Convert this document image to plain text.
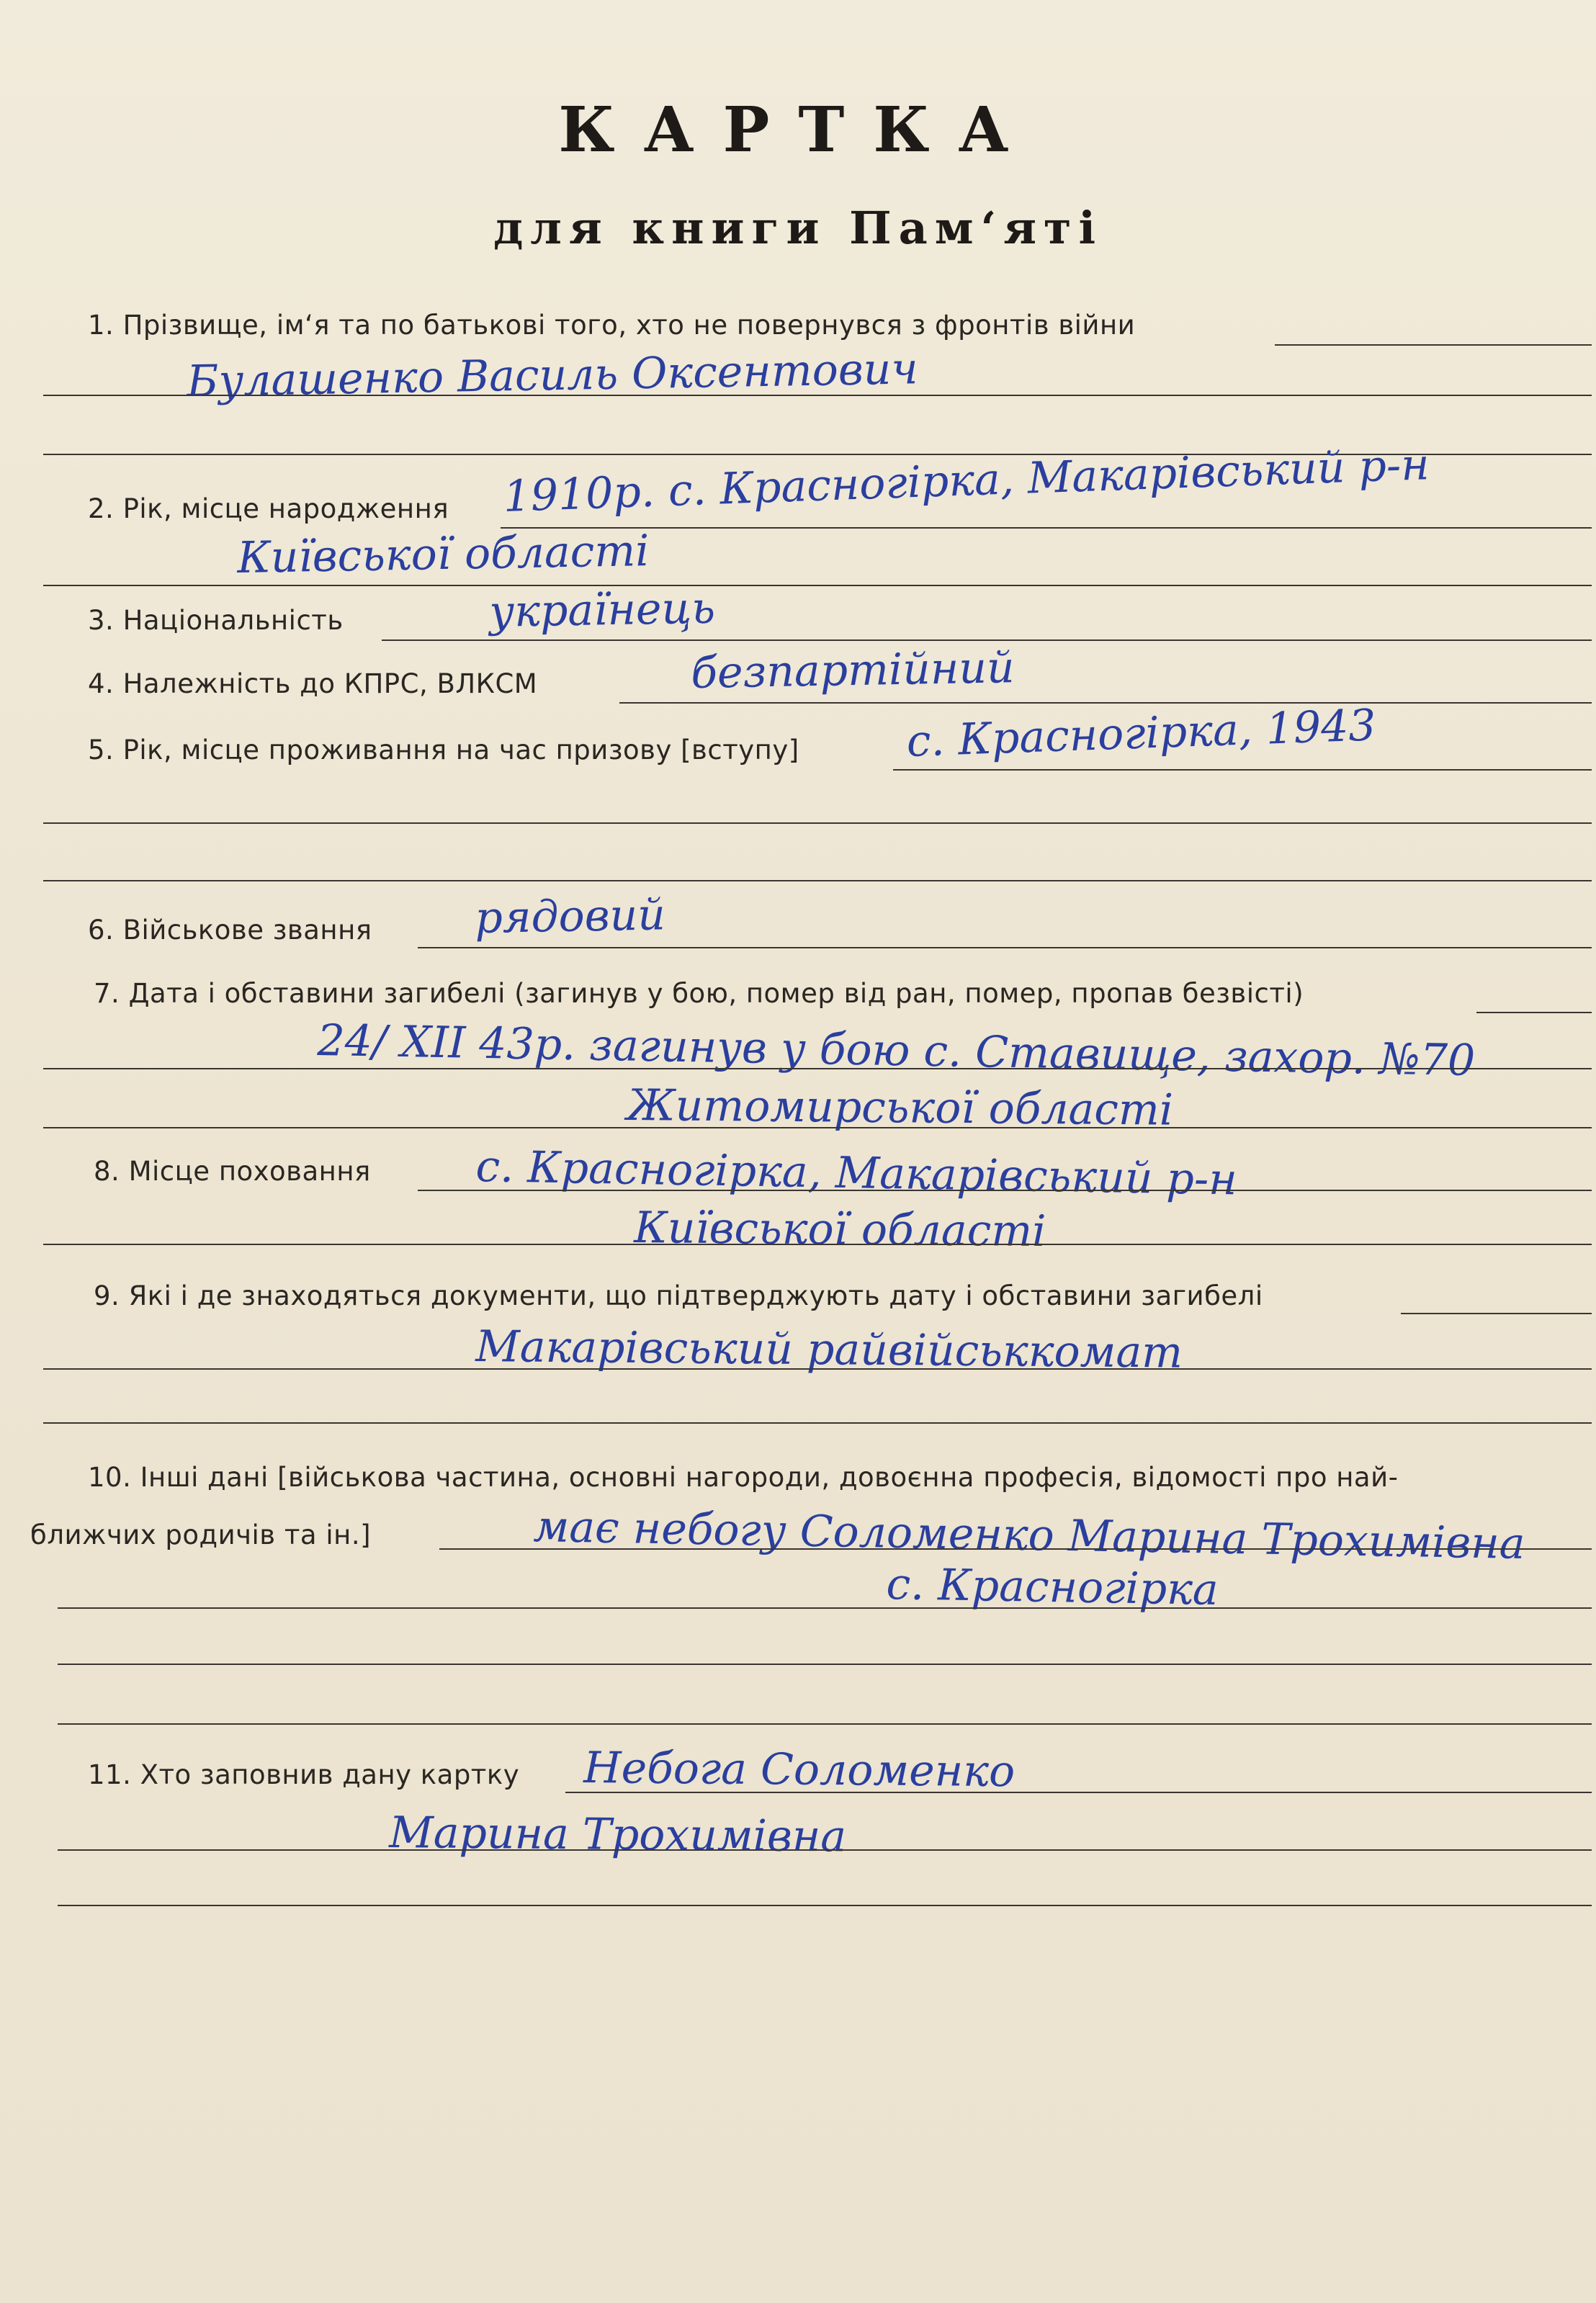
КАРТКА
для книги Пам‘яті
1. Прізвище, ім‘я та по батькові того, хто не повернувся з фронтів війни
Булашенко Василь Оксентович
2. Рік, місце народження 1910р. с. Красногірка, Макарівський р-н
Київської області
3. Національність	українець
4. Належність до КПРС, ВЛКСМ	безпартійний
5. Рік, місце проживання на час призову [вступу] с. Красногірка, 1943
6. Військове звання рядовий
7. Дата і обставини загибелі (загинув у бою, помер від ран, помер, пропав безвісті)
24/ XII 43р. загинув у бою с. Ставище, захор. №70
Житомирської області
8. Місце поховання с. Красногірка, Макарівський р-н
Київської області
9. Які і де знаходяться документи, що підтверджують дату і обставини загибелі
Макарівський райвійськкомат
10. Інші дані [військова частина, основні нагороди, довоєнна професія, відомості про най-
ближчих родичів та ін.]	має небогу Соломенко Марина Трохимівна
с. Красногірка
11. Хто заповнив дану картку Небога Соломенко
Марина Трохимівна
